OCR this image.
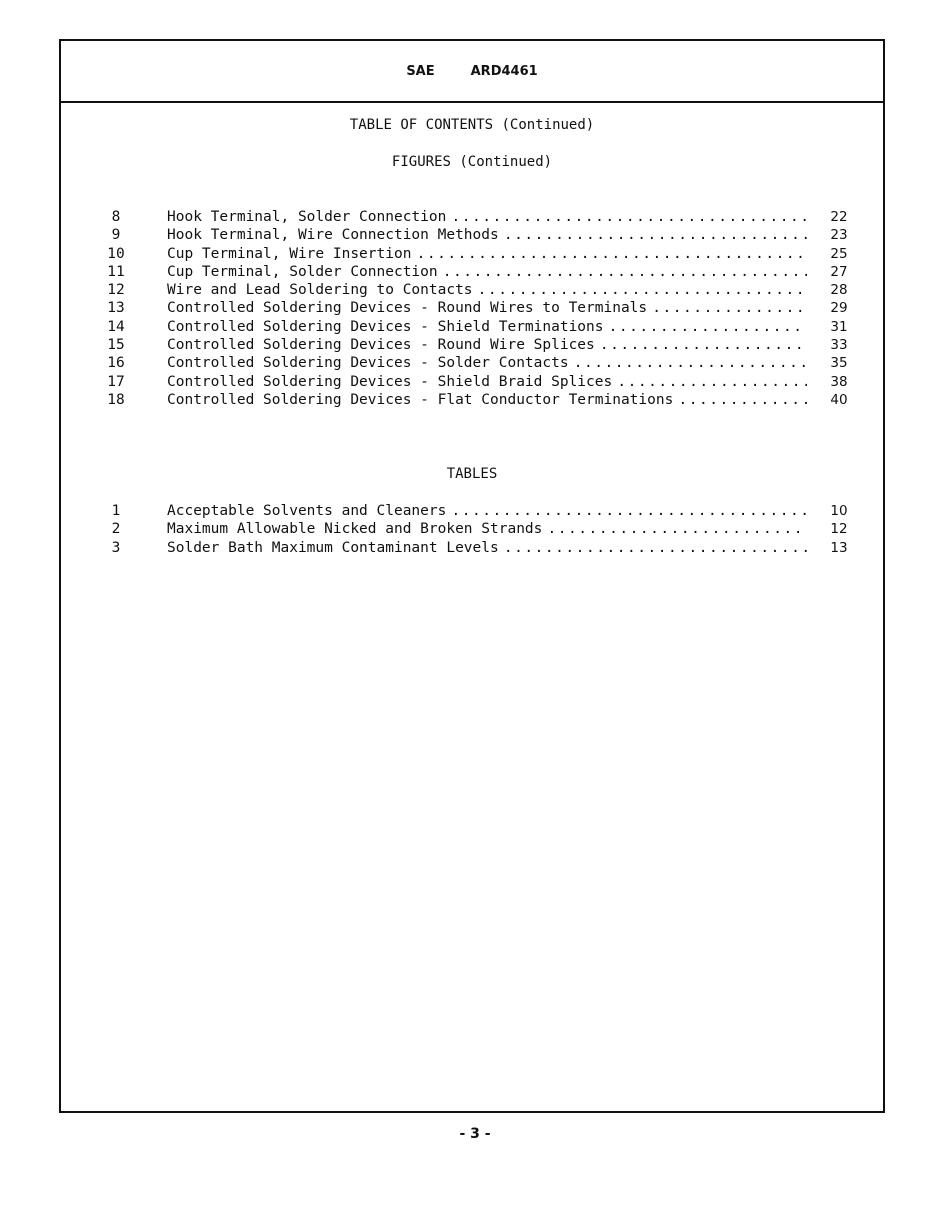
SAE	ARD4461
TABLE OF CONTENTS (Continued)
FIGURES (Continued)
8	Hook Terminal, Solder Connection . . .	22
9	Hook Terminal, Wire Connection Methods . . .	23
10	Cup Terminal, Wire Insertion . . .	25
11	Cup Terminal, Solder Connection . . .	27
12	Wire and Lead Soldering to Contacts . . .	28
13	Controlled Soldering Devices - Round Wires to Terminals . . .	29
14	Controlled Soldering Devices - Shield Terminations . . .	31
15	Controlled Soldering Devices - Round Wire Splices . . .	33
16	Controlled Soldering Devices - Solder Contacts . . .	35
17	Controlled Soldering Devices - Shield Braid Splices . . .	38
18	Controlled Soldering Devices - Flat Conductor Terminations . . .	40
TABLES
1	Acceptable Solvents and Cleaners . . .	10
2	Maximum Allowable Nicked and Broken Strands . . .	12
3	Solder Bath Maximum Contaminant Levels . . .	13
- 3 -
